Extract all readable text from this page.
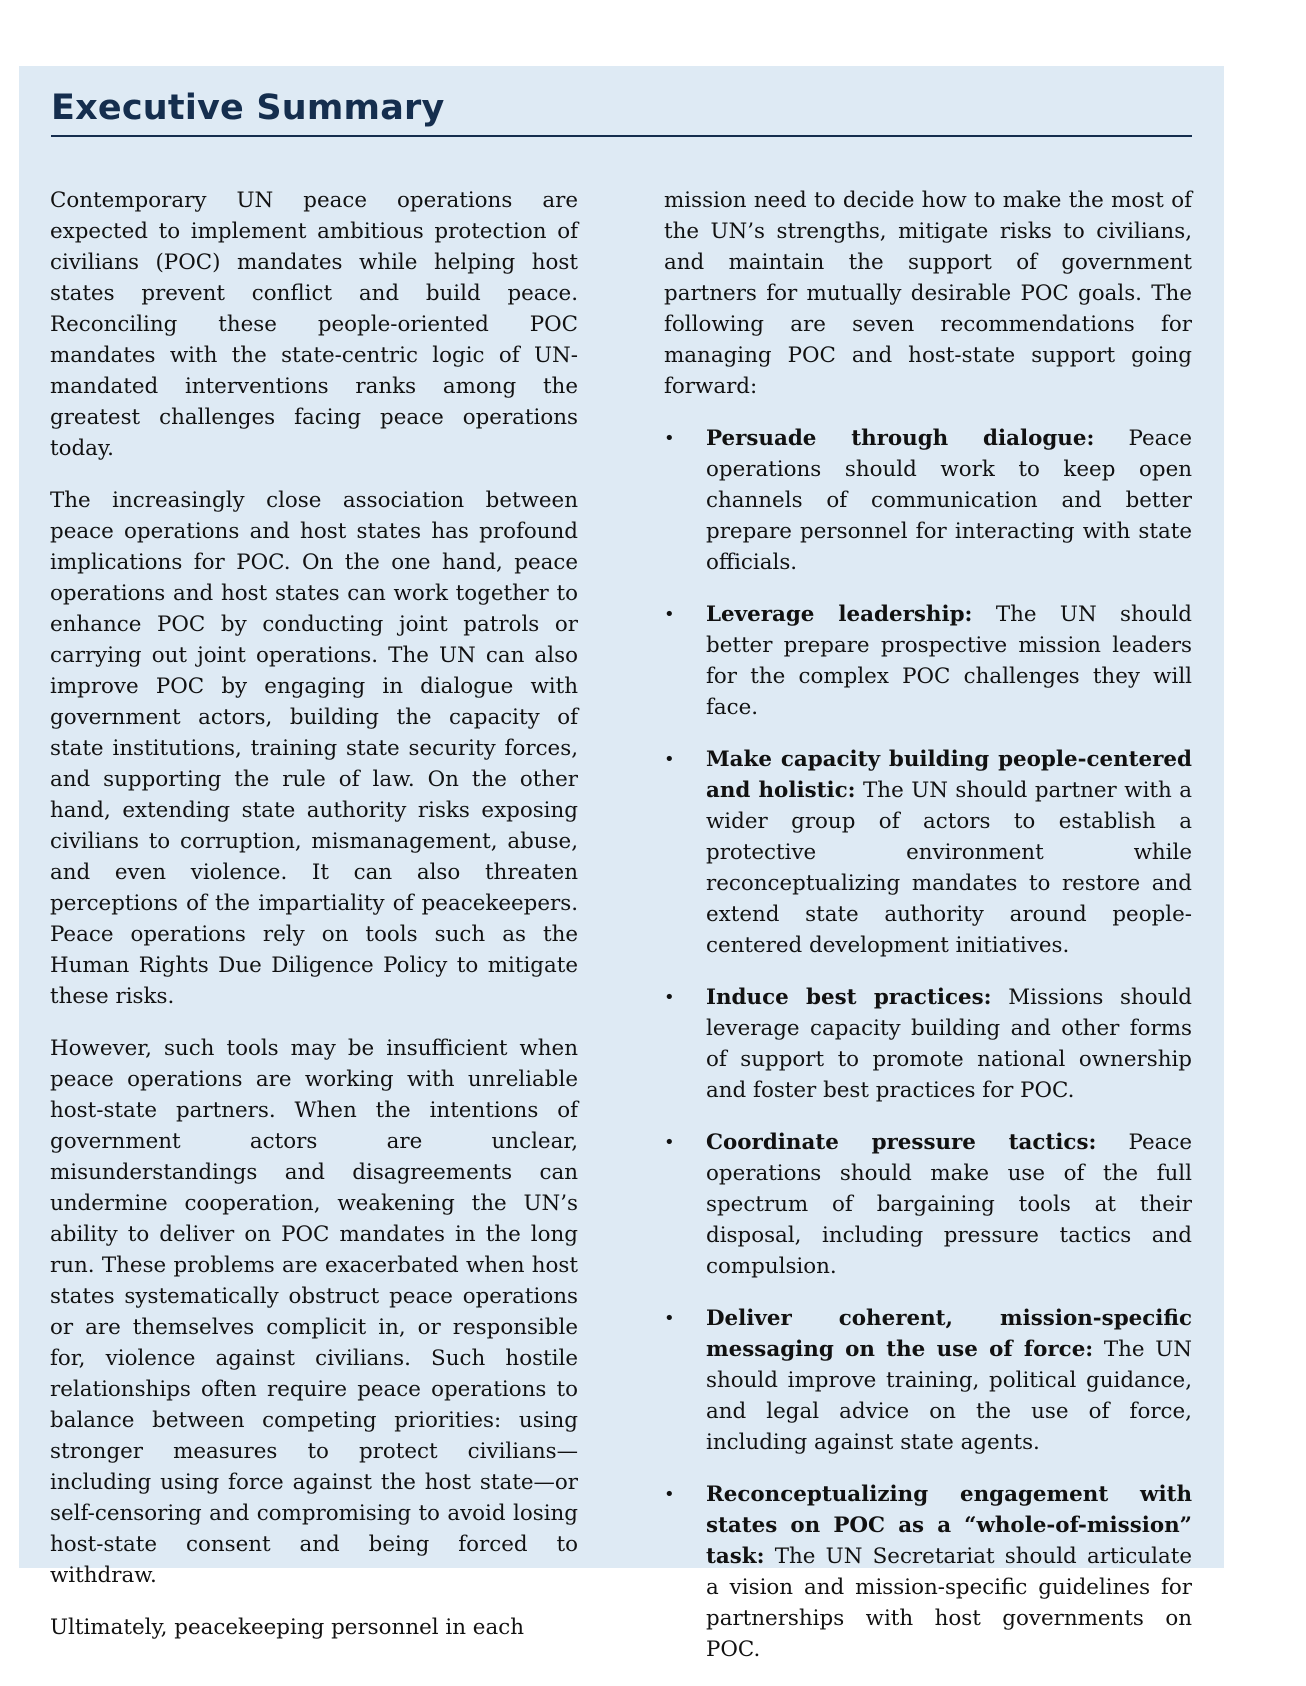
Executive Summary

Contemporary UN peace operations are expected to implement ambitious protection of civilians (POC) mandates while helping host states prevent conflict and build peace. Reconciling these people-oriented POC mandates with the state-centric logic of UN-mandated interventions ranks among the greatest challenges facing peace operations today.

The increasingly close association between peace operations and host states has profound implications for POC. On the one hand, peace operations and host states can work together to enhance POC by conducting joint patrols or carrying out joint operations. The UN can also improve POC by engaging in dialogue with government actors, building the capacity of state institutions, training state security forces, and supporting the rule of law. On the other hand, extending state authority risks exposing civilians to corruption, mismanagement, abuse, and even violence. It can also threaten perceptions of the impartiality of peacekeepers. Peace operations rely on tools such as the Human Rights Due Diligence Policy to mitigate these risks.

However, such tools may be insufficient when peace operations are working with unreliable host-state partners. When the intentions of government actors are unclear, misunderstandings and disagreements can undermine cooperation, weakening the UN’s ability to deliver on POC mandates in the long run. These problems are exacerbated when host states systematically obstruct peace operations or are themselves complicit in, or responsible for, violence against civilians. Such hostile relationships often require peace operations to balance between competing priorities: using stronger measures to protect civilians—including using force against the host state—or self-censoring and compromising to avoid losing host-state consent and being forced to withdraw.

Ultimately, peacekeeping personnel in each

mission need to decide how to make the most of the UN’s strengths, mitigate risks to civilians, and maintain the support of government partners for mutually desirable POC goals. The following are seven recommendations for managing POC and host-state support going forward:

• Persuade through dialogue: Peace operations should work to keep open channels of communication and better prepare personnel for interacting with state officials.
• Leverage leadership: The UN should better prepare prospective mission leaders for the complex POC challenges they will face.
• Make capacity building people-centered and holistic: The UN should partner with a wider group of actors to establish a protective environment while reconceptualizing mandates to restore and extend state authority around people-centered development initiatives.
• Induce best practices: Missions should leverage capacity building and other forms of support to promote national ownership and foster best practices for POC.
• Coordinate pressure tactics: Peace operations should make use of the full spectrum of bargaining tools at their disposal, including pressure tactics and compulsion.
• Deliver coherent, mission-specific messaging on the use of force: The UN should improve training, political guidance, and legal advice on the use of force, including against state agents.
• Reconceptualizing engagement with states on POC as a “whole-of-mission” task: The UN Secretariat should articulate a vision and mission-specific guidelines for partnerships with host governments on POC.
